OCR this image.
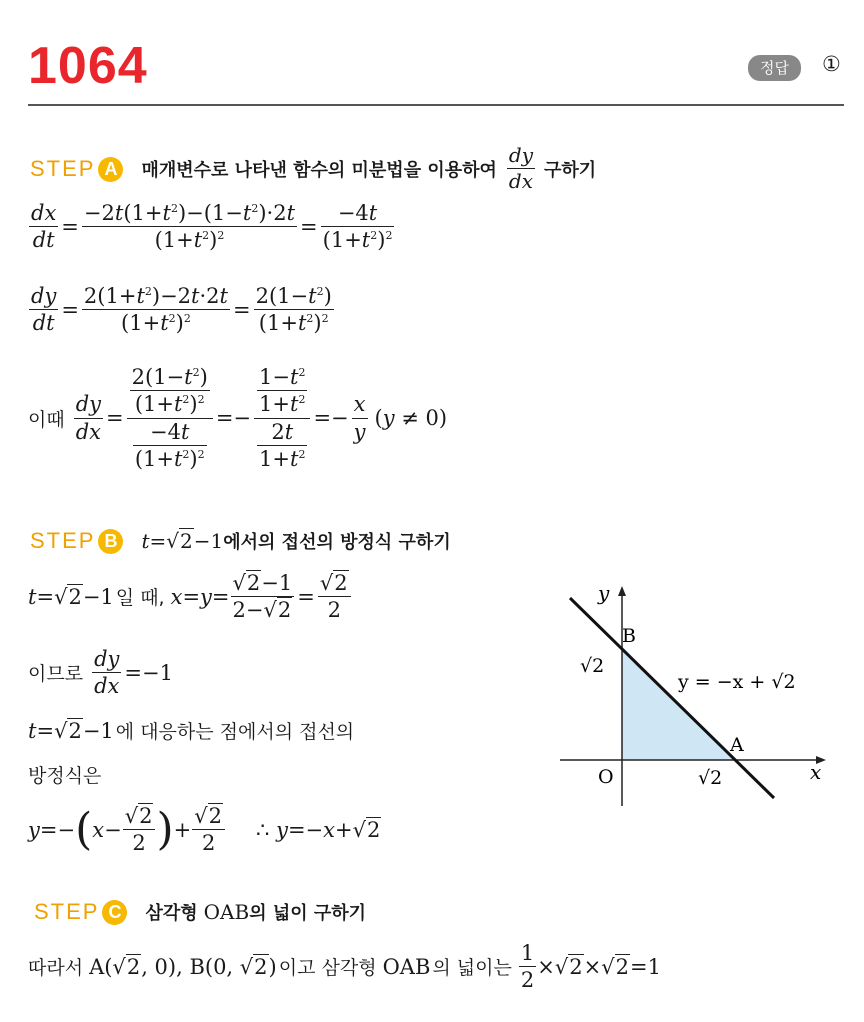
1064	정답	①
STEP A	매개변수로 나타낸 함수의 미분법을 이용하여
dy
dx 구하기
dx
dt
=
$-2t(1+t^2)-(1-t^2)\cdot 2t$
$(1+t^2)^2$	=
−4t
$(1+t^2)^2$
dy
dt
=
$2(1+t^2)-2t\cdot 2t$
$(1+t^2)^2$ =
$2(1-t^2)$
$(1+t^2)^2$
이때
dy
dx
=
$\frac{2(1-t^2)}{(1+t^2)^2}$
$\frac{-4t}{(1+t^2)^2}$
=−
$\frac{1-t^2}{1+t^2}$
$\frac{2t}{1+t^2}$
=−
x
y
(y ≠ 0)
STEP B	t=√2−1 에서의 접선의 방정식 구하기
t=√2−1 일 때, x=y=
√2−1
2−√2
=
√2
2
이므로
dy
dx
=−1
t=√2−1 에 대응하는 점에서의 접선의
방정식은
y=− ( x−
√2
2 ) +
√2
2
∴ y=−x+√2
y
x
O
B
A
√2
√2
y = −x + √2
STEP C	삼각형 OAB 의 넓이 구하기
따라서 A(√2, 0), B(0, √2) 이고 삼각형 OAB 의 넓이는
1
2
×√2×√2=1
